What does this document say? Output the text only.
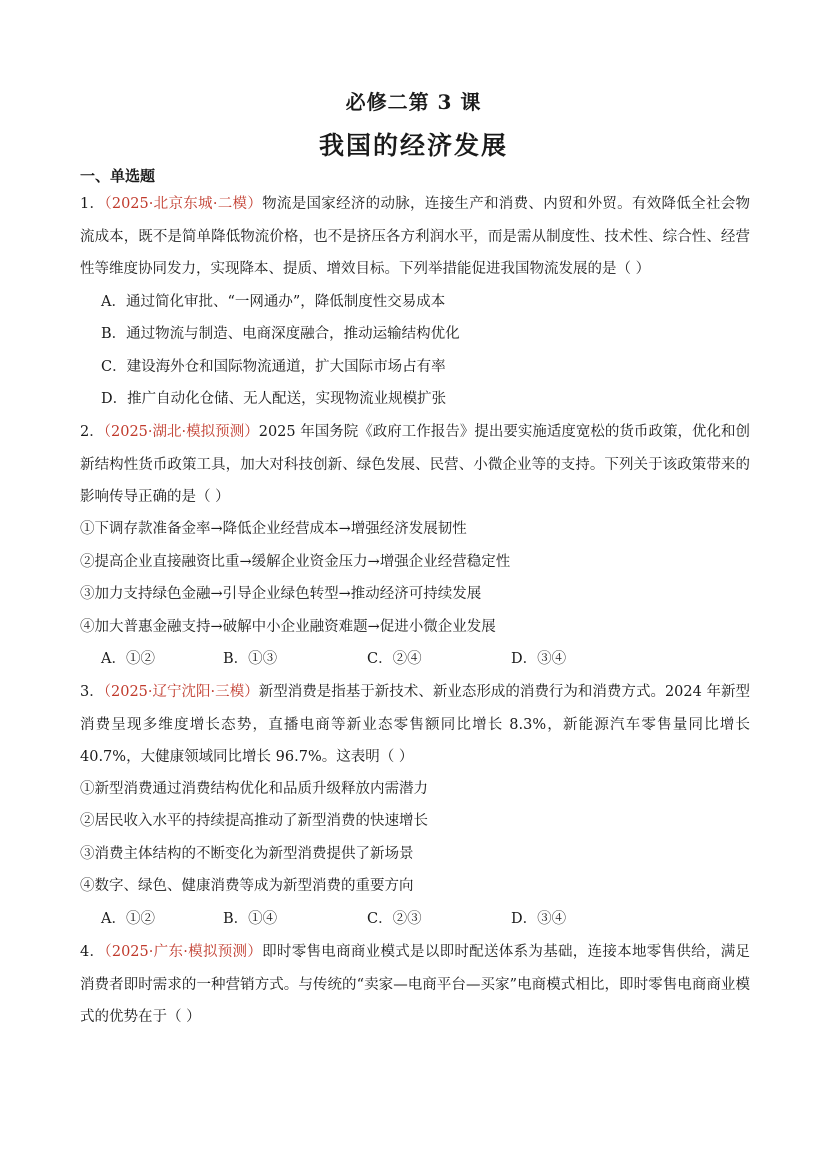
必修二第 3 课
我国的经济发展
一、单选题
1．（2025·北京东城·二模）物流是国家经济的动脉，连接生产和消费、内贸和外贸。有效降低全社会物流成本，既不是简单降低物流价格，也不是挤压各方利润水平，而是需从制度性、技术性、综合性、经营性等维度协同发力，实现降本、提质、增效目标。下列举措能促进我国物流发展的是（ ）
A．通过简化审批、“一网通办”，降低制度性交易成本
B．通过物流与制造、电商深度融合，推动运输结构优化
C．建设海外仓和国际物流通道，扩大国际市场占有率
D．推广自动化仓储、无人配送，实现物流业规模扩张
2．（2025·湖北·模拟预测）2025 年国务院《政府工作报告》提出要实施适度宽松的货币政策，优化和创新结构性货币政策工具，加大对科技创新、绿色发展、民营、小微企业等的支持。下列关于该政策带来的影响传导正确的是（ ）
①下调存款准备金率→降低企业经营成本→增强经济发展韧性
②提高企业直接融资比重→缓解企业资金压力→增强企业经营稳定性
③加力支持绿色金融→引导企业绿色转型→推动经济可持续发展
④加大普惠金融支持→破解中小企业融资难题→促进小微企业发展
A．①②	B．①③	C．②④	D．③④
3．（2025·辽宁沈阳·三模）新型消费是指基于新技术、新业态形成的消费行为和消费方式。2024 年新型消费呈现多维度增长态势，直播电商等新业态零售额同比增长 8.3%，新能源汽车零售量同比增长 40.7%，大健康领域同比增长 96.7%。这表明（ ）
①新型消费通过消费结构优化和品质升级释放内需潜力
②居民收入水平的持续提高推动了新型消费的快速增长
③消费主体结构的不断变化为新型消费提供了新场景
④数字、绿色、健康消费等成为新型消费的重要方向
A．①②	B．①④	C．②③	D．③④
4．（2025·广东·模拟预测）即时零售电商商业模式是以即时配送体系为基础，连接本地零售供给，满足消费者即时需求的一种营销方式。与传统的“卖家—电商平台—买家”电商模式相比，即时零售电商商业模式的优势在于（ ）
